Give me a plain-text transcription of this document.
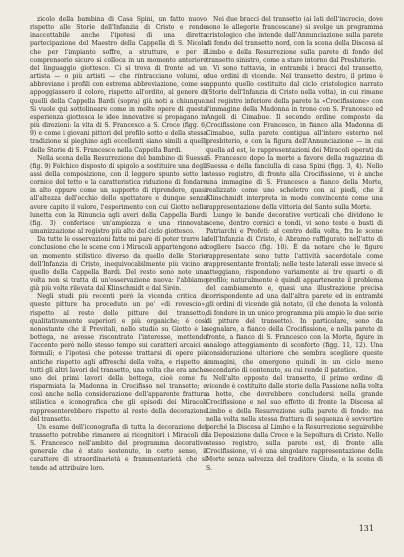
zicolo della bambina di Casa Spini, un fatto nuovo rispetto alle Storie dell'Infanzia di Cristo e rende inaccettabile anche l'ipotesi di una diretta partecipazione del Maestro della Cappella di S. Nicola che per l'impianto soffre, a strutture, e per il comprensorio sicuro si colloca in un momento anteriore del linguaggio giottesco. Ci si trova di fronte ad un artista — o più artisti — che rintracciano volumi, e abbreviano i profili con estrema abbreviazione, come se appoggiassero il colore, rispetto all'ordito, al genere di quelli della Cappella Bardi (sopra) già noti a chiunque. Si vuole qui sottolineare come in molte opere di questa esperienza giottesca le idee innovative si propagano in più direzioni: la vita di S. Francesco a S. Croce (figg. 6, 9) e come i giovani pittori del profilo sotto e della stessa tradizione si pieghino agli eccellenti siano simili a quelli delle Storie di S. Francesco nella Cappella Bardi.

Nella scena della Resurrezione del bambino di Suessa (fig. 9) Folchico disposto di spigolo a sostituire una degli assi della composizione, con il leggero spunto sotto la cornice del tetto e la caratteristica riduzione di fondare in alto oppure come un supporto di riprendere, quasi all'altezza dell'occhio dello spettatore e dunque senza avere capito il valore, l'esperimento con cui Giotto nella lunetta con la Rinuncia agli averi della Cappella Bardi (fig. 3) conferisce un'ampiezza e una rinnovata umanizzazione al registro più alto del ciclo giottesco.

Da tutte le osservazioni fatte mi pare di poter trarre la conclusione che le scene con i Miracoli appartengono ad un momento stilistico diverso da quello delle Storie dell'Infanzia di Cristo, inequivocabilmente più vicino a quello della Cappella Bardi. Del resto sono note una volta non si tratta di un'osservazione nuova: l'abbiamo già più volte rilevata dal Klinschmidt e dal Sirén.

Negli studi più recenti però la vicenda critica di queste pitture ha proceduto un po' «di rovescio», rispetto al resto delle pitture del transetto, qualitativamente superiori e più organiche; è così nonostante che il Previtali, nello studio su Giotto e la bottega, ne avesse riscontrato l'interesse, mettendo l'accento però nello stesso tempo sui caratteri arcaici e formuli; e l'ipotesi che potesse trattarsi di opere più antiche rispetto agli affreschi della volta, e rispetto a tutti gli altri lavori del transetto, una volta che era anche uno dei primi lavori della bottega, cioè come fu risparmiata la Madonna in Crocifisso nel transetto; e così anche nella considerazione dell'apparente frattura stilistica e iconografica che gli episodi dei Miracoli rappresenterebbero rispetto al resto della decorazione del transetto.

Un esame dell'iconografia di tutta la decorazione del transetto potrebbe rimanere ai ricognitori i Miracoli di S. Francesco nell'ambito del programma decorativo generale che è stato sostenuto, in certo senso, il carattere di straordinarietà e frammentarietà che si tende ad attribuire loro.

Nei due bracci del transetto (ai lati dell'incrocio, dove sono le allegorie francescane) si svolge un programma cristologico che intende dall'Annunciazione sulla parete di fondo del transetto nord, con la scena della Discesa al Limbo e della Resurrezione sulla parete di fondo del transetto sinistro, come a stare intorno dal Presbiterio.

Vi sono tuttavia, in entrambi i bracci del transetto, due ordini di vicende. Nel transetto destro, il primo è appunto quello costituito dal ciclo cristologico narrato (Storie dell'Infanzia di Cristo nella volta), in cui rimane nel registro inferiore della parete la «Crocifissione» con l'immagine della Madonna in trono con S. Francesco ed Angeli di Cimabue. Il secondo ordine composto da Crocifissione con Francesco, in fianco alla Madonna di Cimabue, sulla parete contigua all'intero esterno nel presbiterio, e con la figura dell'Annunciazione — in cui quella ad est, le rappresentazioni dei Miracoli operati da S. Francesco dopo la morte a favore della ragazzina di Suessa e della fanciulla di casa Spini (figg. 3, 4). Nello stesso registro, di fronte alla Crocifissione, vi è anche una immagine di S. Francesco a fianco della Morte, realizzato come uno scheletro con ai piedi, che il Klinschmidt interpreta in modo convincente come una rappresentazione della vittoria del Santo sulla Morte.

Lungo le bande decorative verticali che dividono le scene, dentro cornici e tondi, vi sono teste e busti di Patriarchi e Profeti: al centro della volta, fra le scene dell'Infanzia di Cristo, è Abramo raffigurato nell'atto di cogliere Isacco (fig. 10). È da notare che le figure rappresentate sono tutte l'attività sacerdotale come rappresentante frontali; nelle teste laterali esse invece si atteggiano, rispondono variamente ai tre quarti o di profilo; naturalmente è quindi appartenente il problema del cambiamento e, quasi una illustrazione precisa corrispondente ad una dall'altra parete ed in entrambi gli ordini di vicende già notato, (il che denota la volontà di fondere in un unico programma più ampio le due serie di pitture del transetto). In particolare, sono da segnalare, a fianco della Crocifissione, e nella parete di fronte, a fianco di S. Francesco con la Morte, figure in analogo atteggiamento di sconforto (figg. 11, 12). Una considerazione ulteriore che sembra scegliere queste immagini, che emergono quindi in un ciclo meno secondario di contenuto, su cui rende il patetico.

Nell'alto opposto del transetto, il primo ordine di vicende è costituito dalle storie della Passione nella volta a botte, che dovrebbero concludersi nella grande Crocifissione e nel suo effetto di fronte la Discesa al Limbo e della Resurrezione sulla parete di fondo: ma nella volta nella stessa frattura di sequenza è sovvertire perché la Discesa al Limbo e la Resurrezione seguirebbe la Deposizione dalla Croce e la Sepoltura di Cristo. Nello stesso registro, sulla parete est, di fronte alla Crocifissione, vi è una singolare rappresentazione della Morte senza salvezza del traditore Giuda, e la scena di S.

131
